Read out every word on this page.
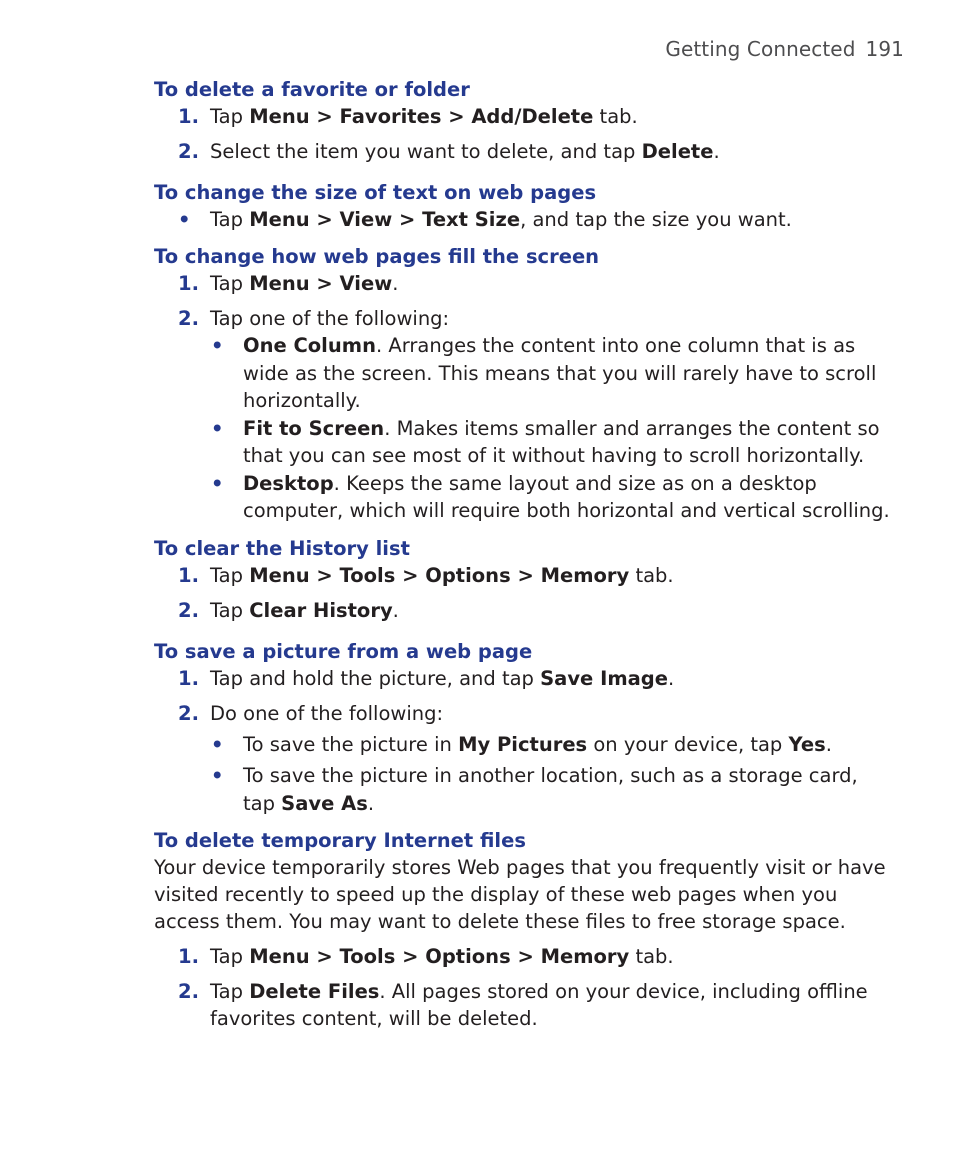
Getting Connected 191
To delete a favorite or folder
1. Tap Menu > Favorites > Add/Delete tab.
2. Select the item you want to delete, and tap Delete.
To change the size of text on web pages
• Tap Menu > View > Text Size, and tap the size you want.
To change how web pages fill the screen
1. Tap Menu > View.
2. Tap one of the following:
• One Column. Arranges the content into one column that is as wide as the screen. This means that you will rarely have to scroll horizontally.
• Fit to Screen. Makes items smaller and arranges the content so that you can see most of it without having to scroll horizontally.
• Desktop. Keeps the same layout and size as on a desktop computer, which will require both horizontal and vertical scrolling.
To clear the History list
1. Tap Menu > Tools > Options > Memory tab.
2. Tap Clear History.
To save a picture from a web page
1. Tap and hold the picture, and tap Save Image.
2. Do one of the following:
• To save the picture in My Pictures on your device, tap Yes.
• To save the picture in another location, such as a storage card, tap Save As.
To delete temporary Internet files
Your device temporarily stores Web pages that you frequently visit or have visited recently to speed up the display of these web pages when you access them. You may want to delete these files to free storage space.
1. Tap Menu > Tools > Options > Memory tab.
2. Tap Delete Files. All pages stored on your device, including offline favorites content, will be deleted.
